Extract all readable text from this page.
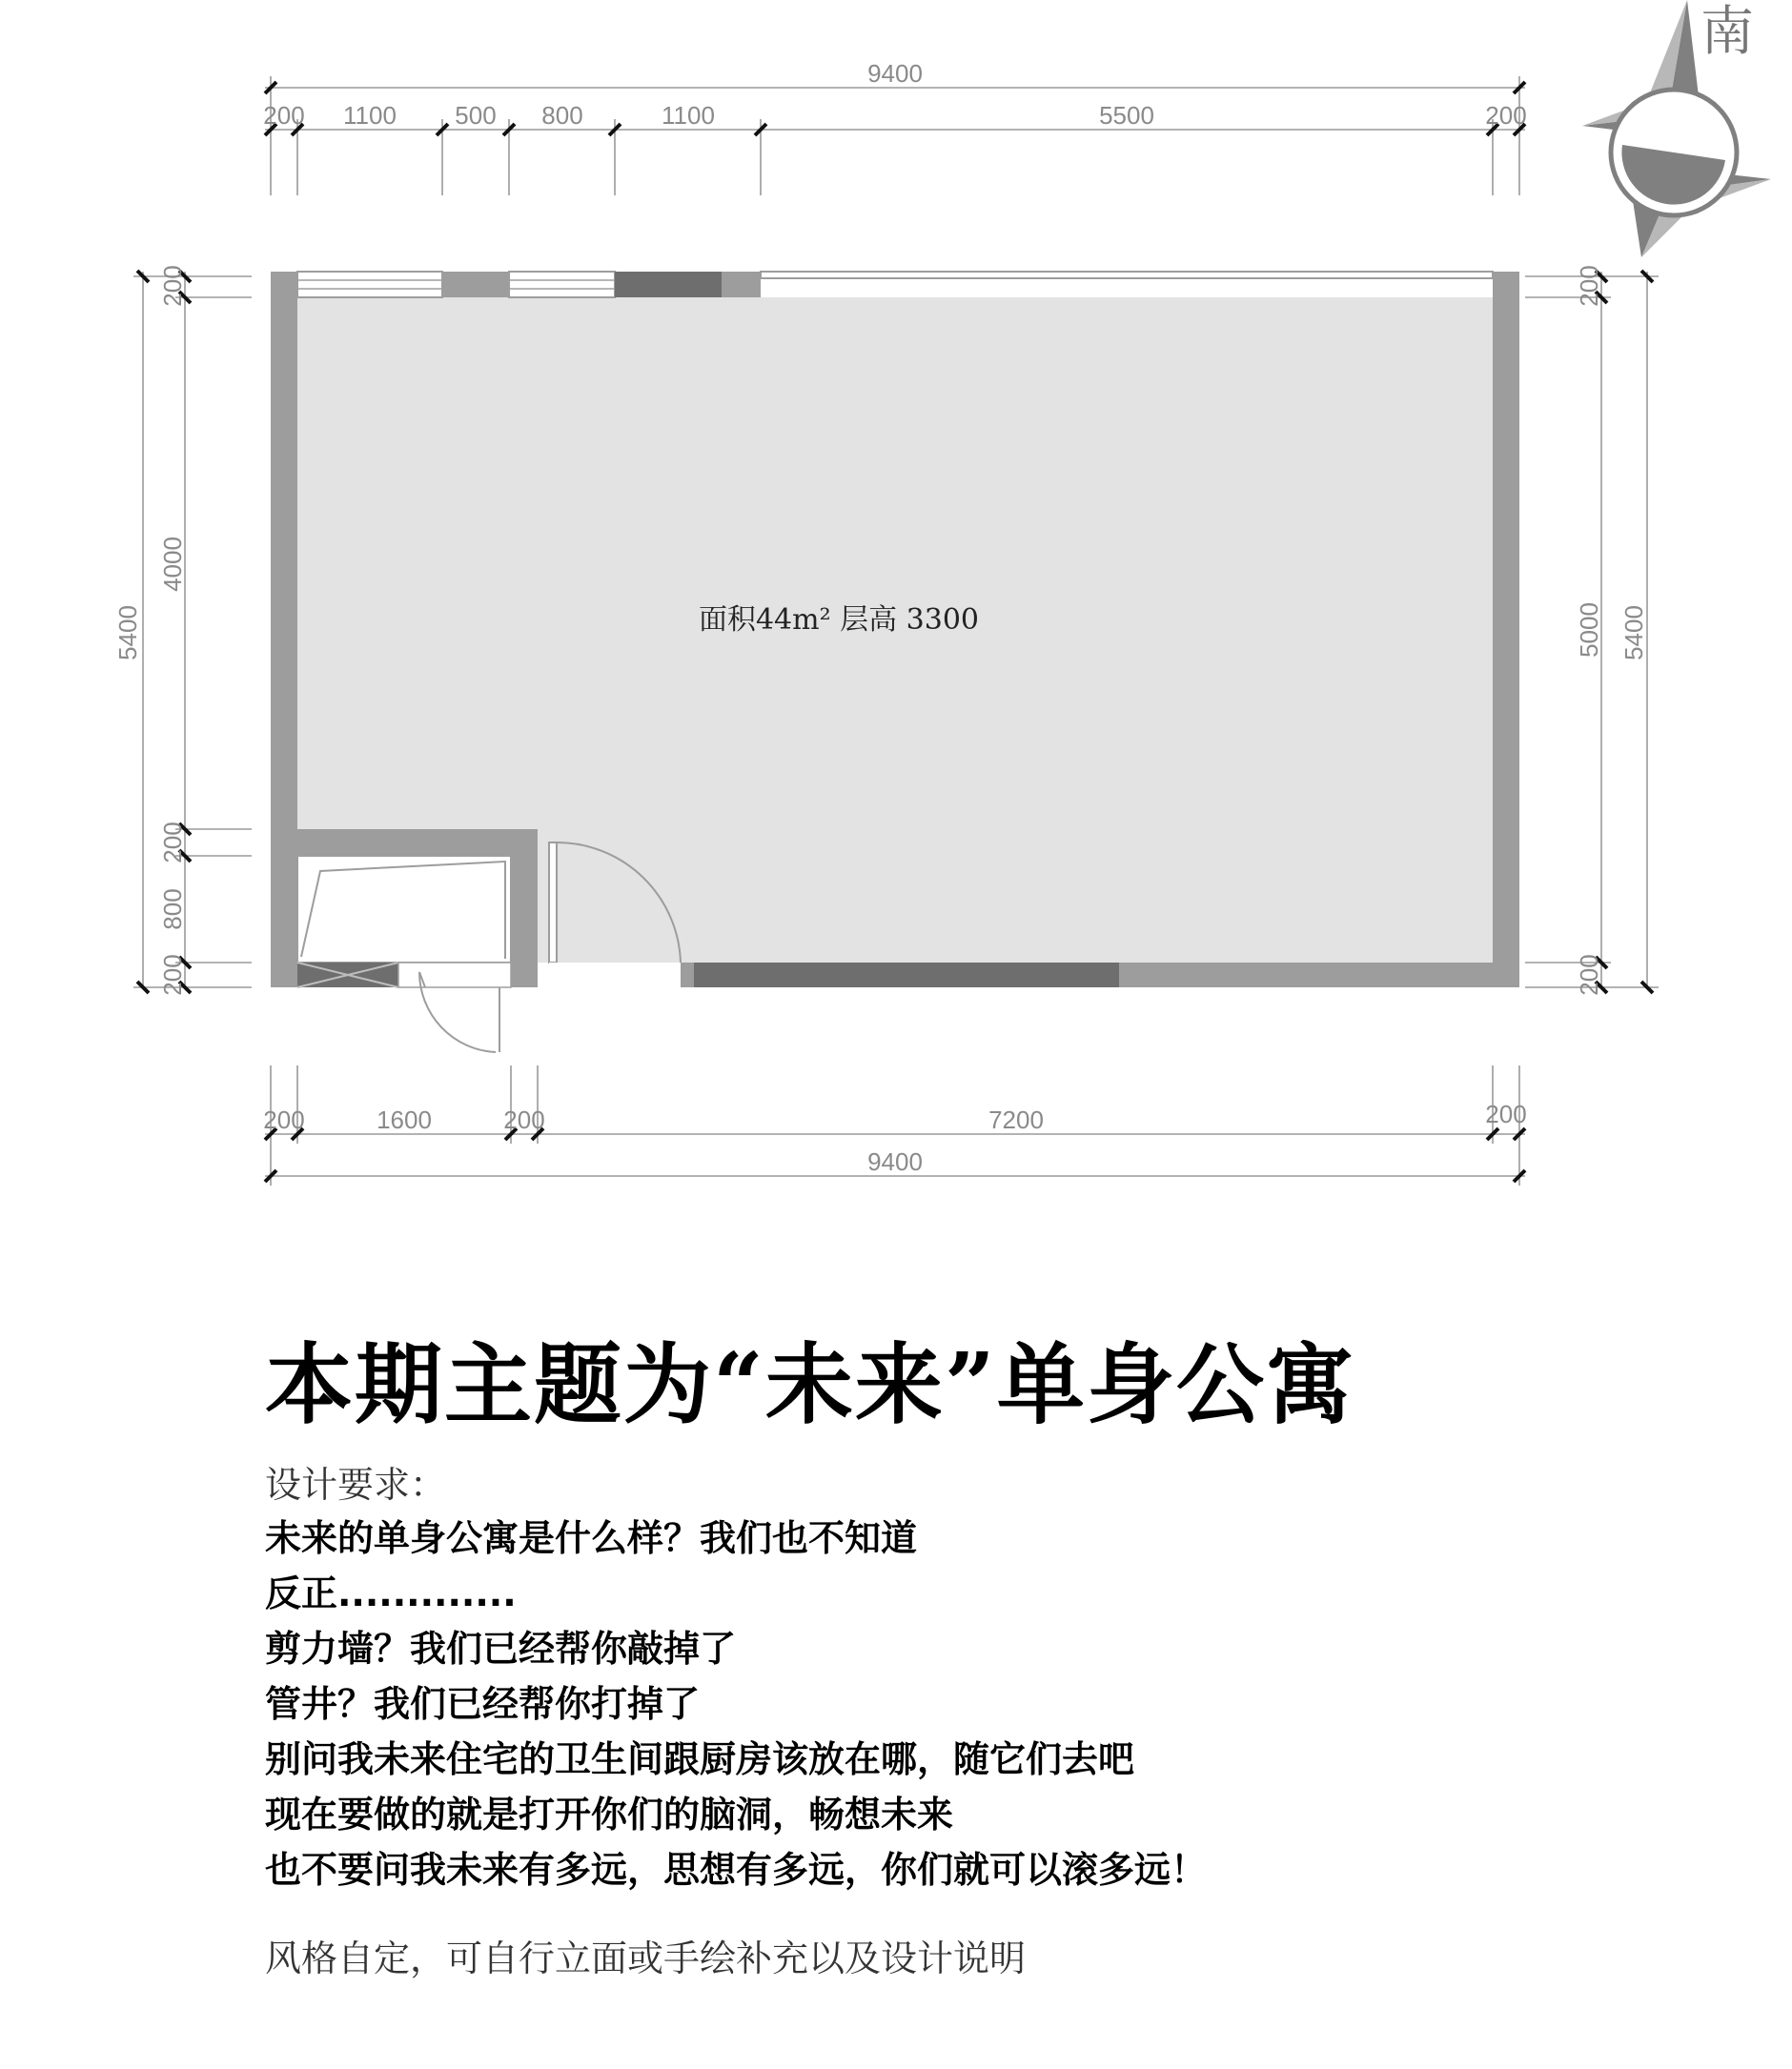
9400
200 1100 500 800	1100	5500	200
南
5400
200
4000
200
800
200
200
5000
200
5400
面积44m² 层高 3300
200	1600	200	7200	200
9400
本期主题为“未来”单身公寓
设计要求：
未来的单身公寓是什么样？我们也不知道
反正.............
剪力墙？我们已经帮你敲掉了
管井？我们已经帮你打掉了
别问我未来住宅的卫生间跟厨房该放在哪，随它们去吧
现在要做的就是打开你们的脑洞，畅想未来
也不要问我未来有多远，思想有多远，你们就可以滚多远！
风格自定，可自行立面或手绘补充以及设计说明
